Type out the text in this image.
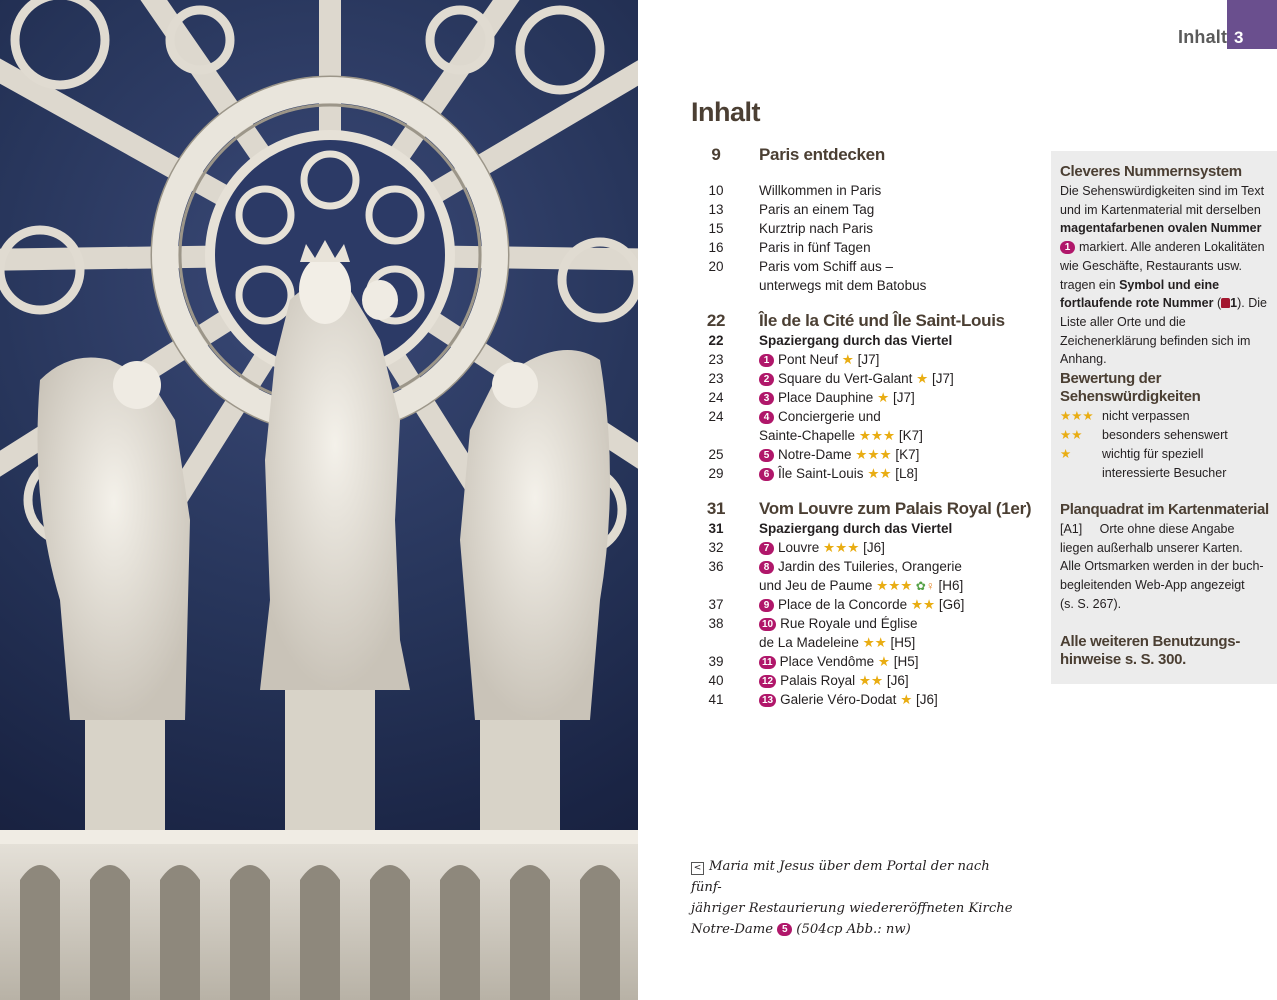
Inhalt 3
Inhalt
9	Paris entdecken
10	Willkommen in Paris
13	Paris an einem Tag
15	Kurztrip nach Paris
16	Paris in fünf Tagen
20	Paris vom Schiff aus –
unterwegs mit dem Batobus
22	Île de la Cité und Île Saint-Louis
22	Spaziergang durch das Viertel
23	1 Pont Neuf ★ [J7]
23	2 Square du Vert-Galant ★ [J7]
24	3 Place Dauphine ★ [J7]
24	4 Conciergerie und
Sainte-Chapelle ★★★ [K7]
25	5 Notre-Dame ★★★ [K7]
29	6 Île Saint-Louis ★★ [L8]
31	Vom Louvre zum Palais Royal (1er)
31	Spaziergang durch das Viertel
32	7 Louvre ★★★ [J6]
36	8 Jardin des Tuileries, Orangerie
und Jeu de Paume ★★★ ✿♀ [H6]
37	9 Place de la Concorde ★★ [G6]
38	10 Rue Royale und Église
de La Madeleine ★★ [H5]
39	11 Place Vendôme ★ [H5]
40	12 Palais Royal ★★ [J6]
41	13 Galerie Véro-Dodat ★ [J6]
Cleveres Nummernsystem
Die Sehenswürdigkeiten sind im Text und im Kartenmaterial mit derselben magentafarbenen ovalen Nummer
1 markiert. Alle anderen Lokalitäten wie Geschäfte, Restaurants usw. tragen ein Symbol und eine fortlaufende rote Nummer ( 1). Die Liste aller Orte und die Zeichenerklärung befinden sich im Anhang.
Bewertung der
Sehenswürdigkeiten
★★★ nicht verpassen
★★	besonders sehenswert
★	wichtig für speziell
interessierte Besucher
Planquadrat im Kartenmaterial
[A1] Orte ohne diese Angabe
liegen außerhalb unserer Karten.
Alle Ortsmarken werden in der buch-
begleitenden Web-App angezeigt
(s. S. 267).
Alle weiteren Benutzungs-
hinweise s. S. 300.
< Maria mit Jesus über dem Portal der nach fünf-
jähriger Restaurierung wiedereröffneten Kirche
Notre-Dame 5 (504cp Abb.: nw)
